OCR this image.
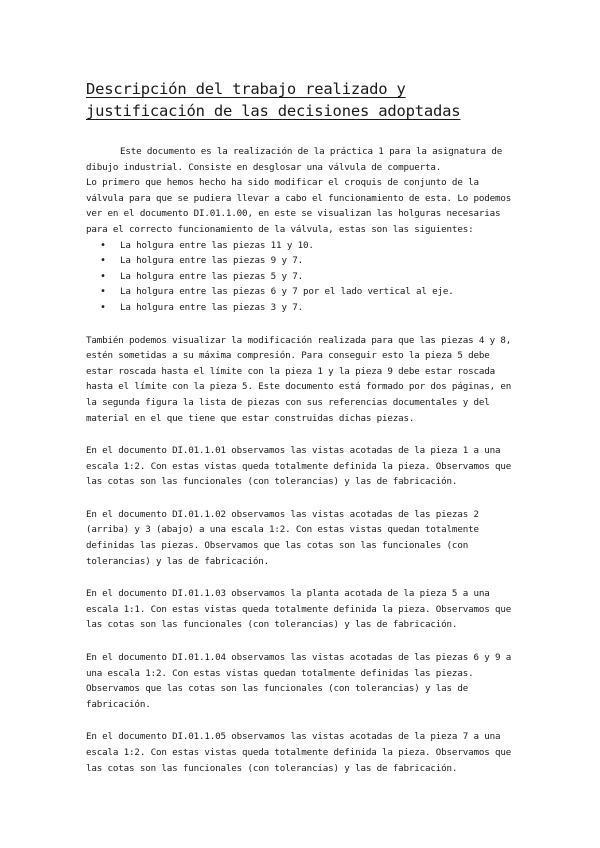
Descripción del trabajo realizado y justificación de las decisiones adoptadas

Este documento es la realización de la práctica 1 para la asignatura de dibujo industrial. Consiste en desglosar una válvula de compuerta.

Lo primero que hemos hecho ha sido modificar el croquis de conjunto de la válvula para que se pudiera llevar a cabo el funcionamiento de esta. Lo podemos ver en el documento DI.01.1.00, en este se visualizan las holguras necesarias para el correcto funcionamiento de la válvula, estas son las siguientes:

• La holgura entre las piezas 11 y 10.
• La holgura entre las piezas 9 y 7.
• La holgura entre las piezas 5 y 7.
• La holgura entre las piezas 6 y 7 por el lado vertical al eje.
• La holgura entre las piezas 3 y 7.

También podemos visualizar la modificación realizada para que las piezas 4 y 8, estén sometidas a su máxima compresión. Para conseguir esto la pieza 5 debe estar roscada hasta el límite con la pieza 1 y la pieza 9 debe estar roscada hasta el límite con la pieza 5. Este documento está formado por dos páginas, en la segunda figura la lista de piezas con sus referencias documentales y del material en el que tiene que estar construidas dichas piezas.

En el documento DI.01.1.01 observamos las vistas acotadas de la pieza 1 a una escala 1:2. Con estas vistas queda totalmente definida la pieza. Observamos que las cotas son las funcionales (con tolerancias) y las de fabricación.

En el documento DI.01.1.02 observamos las vistas acotadas de las piezas 2 (arriba) y 3 (abajo) a una escala 1:2. Con estas vistas quedan totalmente definidas las piezas. Observamos que las cotas son las funcionales (con tolerancias) y las de fabricación.

En el documento DI.01.1.03 observamos la planta acotada de la pieza 5 a una escala 1:1. Con estas vistas queda totalmente definida la pieza. Observamos que las cotas son las funcionales (con tolerancias) y las de fabricación.

En el documento DI.01.1.04 observamos las vistas acotadas de las piezas 6 y 9 a una escala 1:2. Con estas vistas quedan totalmente definidas las piezas. Observamos que las cotas son las funcionales (con tolerancias) y las de fabricación.

En el documento DI.01.1.05 observamos las vistas acotadas de la pieza 7 a una escala 1:2. Con estas vistas queda totalmente definida la pieza. Observamos que las cotas son las funcionales (con tolerancias) y las de fabricación.
